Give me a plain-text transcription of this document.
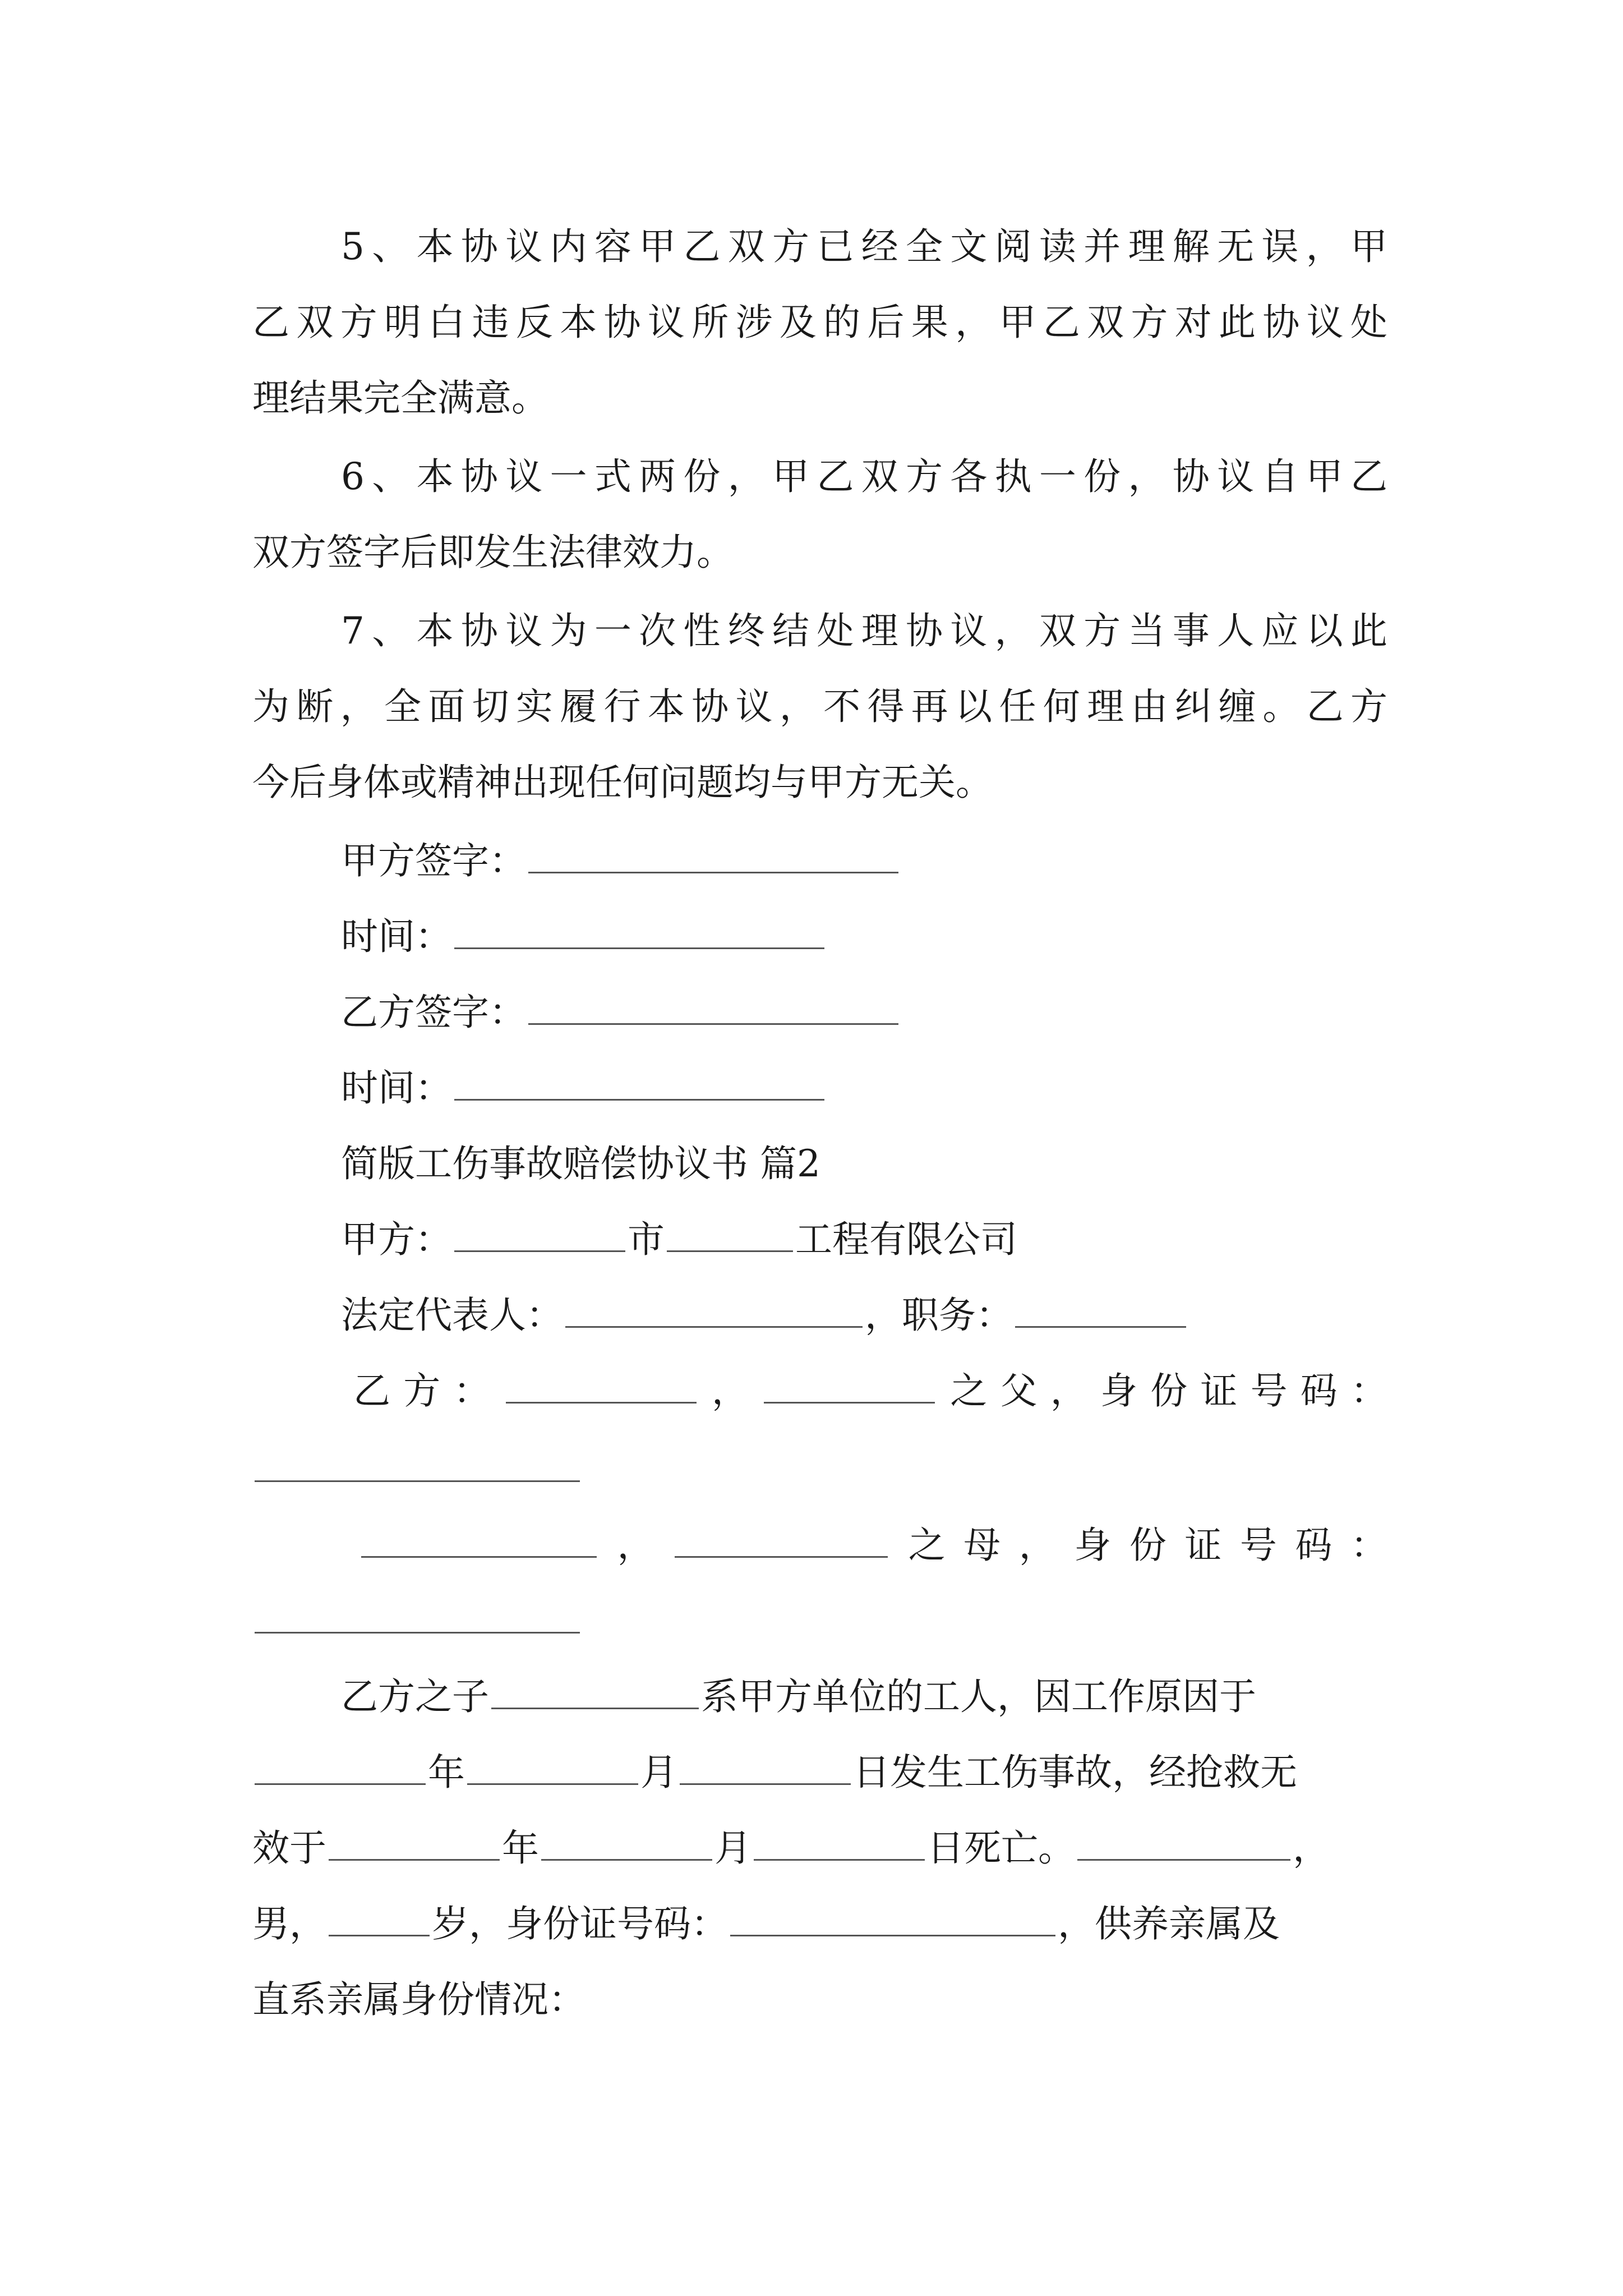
5、本协议内容甲乙双方已经全文阅读并理解无误，甲
乙双方明白违反本协议所涉及的后果，甲乙双方对此协议处
理结果完全满意。
6、本协议一式两份，甲乙双方各执一份，协议自甲乙
双方签字后即发生法律效力。
7、本协议为一次性终结处理协议，双方当事人应以此
为断，全面切实履行本协议，不得再以任何理由纠缠。乙方
今后身体或精神出现任何问题均与甲方无关。
甲方签字：
时间：
乙方签字：
时间：
简版工伤事故赔偿协议书 篇2
甲方：	市	工程有限公司
法定代表人：	，职务：
乙方：	，	之父，身份证号码：
，	之母，身份证号码：
乙方之子	系甲方单位的工人，因工作原因于
年	月	日发生工伤事故，经抢救无
效于	年	月	日死亡。	，
男，	岁，身份证号码：	，供养亲属及
直系亲属身份情况：
